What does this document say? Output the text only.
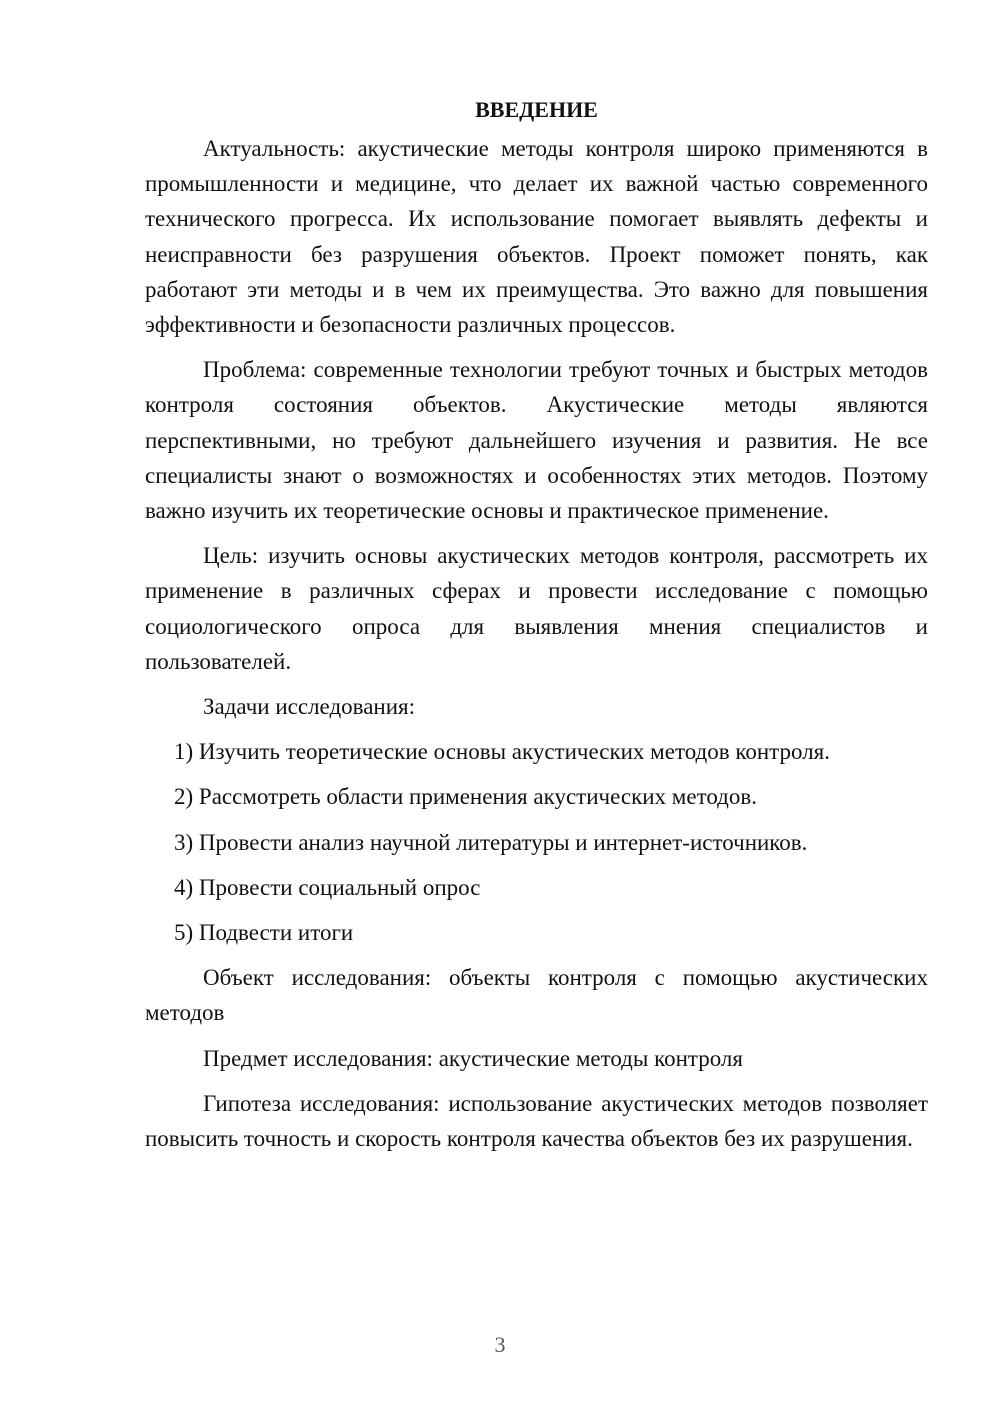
ВВЕДЕНИЕ

Актуальность: акустические методы контроля широко применяются в промышленности и медицине, что делает их важной частью современного технического прогресса. Их использование помогает выявлять дефекты и неисправности без разрушения объектов. Проект поможет понять, как работают эти методы и в чем их преимущества. Это важно для повышения эффективности и безопасности различных процессов.

Проблема: современные технологии требуют точных и быстрых методов контроля состояния объектов. Акустические методы являются перспективными, но требуют дальнейшего изучения и развития. Не все специалисты знают о возможностях и особенностях этих методов. Поэтому важно изучить их теоретические основы и практическое применение.

Цель: изучить основы акустических методов контроля, рассмотреть их применение в различных сферах и провести исследование с помощью социологического опроса для выявления мнения специалистов и пользователей.

Задачи исследования:

1) Изучить теоретические основы акустических методов контроля.
2) Рассмотреть области применения акустических методов.
3) Провести анализ научной литературы и интернет-источников.
4) Провести социальный опрос
5) Подвести итоги

Объект исследования: объекты контроля с помощью акустических методов

Предмет исследования: акустические методы контроля

Гипотеза исследования: использование акустических методов позволяет повысить точность и скорость контроля качества объектов без их разрушения.

3
